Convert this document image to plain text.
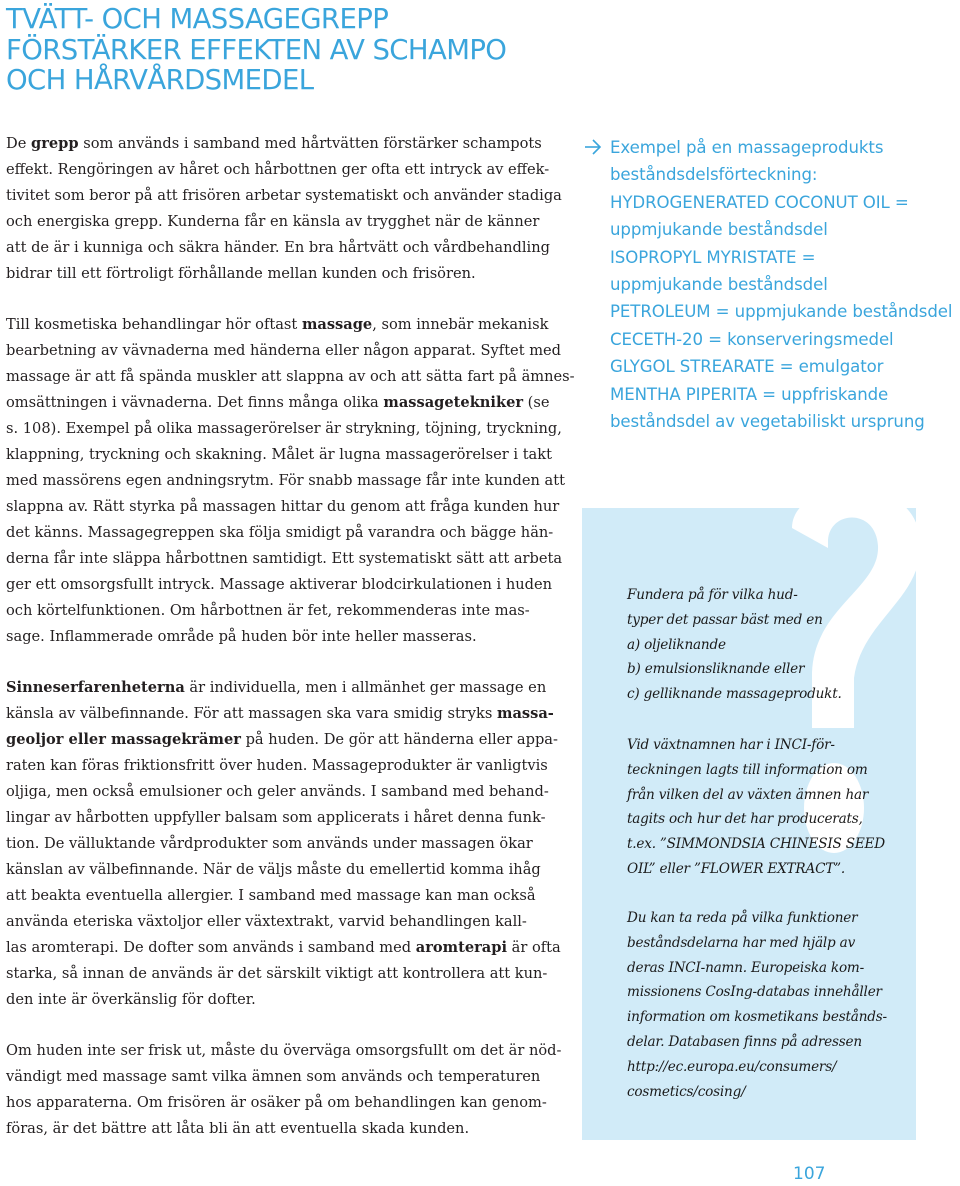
TVÄTT- OCH MASSAGEGREPP
FÖRSTÄRKER EFFEKTEN AV SCHAMPO
OCH HÅRVÅRDSMEDEL

De grepp som används i samband med hårtvätten förstärker schampots
effekt. Rengöringen av håret och hårbottnen ger ofta ett intryck av effek-
tivitet som beror på att frisören arbetar systematiskt och använder stadiga
och energiska grepp. Kunderna får en känsla av trygghet när de känner
att de är i kunniga och säkra händer. En bra hårtvätt och vårdbehandling
bidrar till ett förtroligt förhållande mellan kunden och frisören.

Till kosmetiska behandlingar hör oftast massage, som innebär mekanisk
bearbetning av vävnaderna med händerna eller någon apparat. Syftet med
massage är att få spända muskler att slappna av och att sätta fart på ämnes-
omsättningen i vävnaderna. Det finns många olika massagetekniker (se
s. 108). Exempel på olika massagerörelser är strykning, töjning, tryckning,
klappning, tryckning och skakning. Målet är lugna massagerörelser i takt
med massörens egen andningsrytm. För snabb massage får inte kunden att
slappna av. Rätt styrka på massagen hittar du genom att fråga kunden hur
det känns. Massagegreppen ska följa smidigt på varandra och bägge hän-
derna får inte släppa hårbottnen samtidigt. Ett systematiskt sätt att arbeta
ger ett omsorgsfullt intryck. Massage aktiverar blodcirkulationen i huden
och körtelfunktionen. Om hårbottnen är fet, rekommenderas inte mas-
sage. Inflammerade område på huden bör inte heller masseras.

Sinneserfarenheterna är individuella, men i allmänhet ger massage en
känsla av välbefinnande. För att massagen ska vara smidig stryks massa-
geoljor eller massagekrämer på huden. De gör att händerna eller appa-
raten kan föras friktionsfritt över huden. Massageprodukter är vanligtvis
oljiga, men också emulsioner och geler används. I samband med behand-
lingar av hårbotten uppfyller balsam som applicerats i håret denna funk-
tion. De välluktande vårdprodukter som används under massagen ökar
känslan av välbefinnande. När de väljs måste du emellertid komma ihåg
att beakta eventuella allergier. I samband med massage kan man också
använda eteriska växtoljor eller växtextrakt, varvid behandlingen kall-
las aromterapi. De dofter som används i samband med aromterapi är ofta
starka, så innan de används är det särskilt viktigt att kontrollera att kun-
den inte är överkänslig för dofter.

Om huden inte ser frisk ut, måste du överväga omsorgsfullt om det är nöd-
vändigt med massage samt vilka ämnen som används och temperaturen
hos apparaterna. Om frisören är osäker på om behandlingen kan genom-
föras, är det bättre att låta bli än att eventuella skada kunden.

Exempel på en massageprodukts
beståndsdelsförteckning:
HYDROGENERATED COCONUT OIL =
uppmjukande beståndsdel
ISOPROPYL MYRISTATE =
uppmjukande beståndsdel
PETROLEUM = uppmjukande beståndsdel
CECETH-20 = konserveringsmedel
GLYGOL STREARATE = emulgator
MENTHA PIPERITA = uppfriskande
beståndsdel av vegetabiliskt ursprung
Fundera på för vilka hud-
typer det passar bäst med en
a) oljeliknande
b) emulsionsliknande eller
c) gelliknande massageprodukt.
Vid växtnamnen har i INCI-för-
teckningen lagts till information om
från vilken del av växten ämnen har
tagits och hur det har producerats,
t.ex. ”SIMMONDSIA CHINESIS SEED
OIL” eller ”FLOWER EXTRACT”.
Du kan ta reda på vilka funktioner
beståndsdelarna har med hjälp av
deras INCI-namn. Europeiska kom-
missionens CosIng-databas innehåller
information om kosmetikans bestånds-
delar. Databasen finns på adressen
http://ec.europa.eu/consumers/
cosmetics/cosing/
107
